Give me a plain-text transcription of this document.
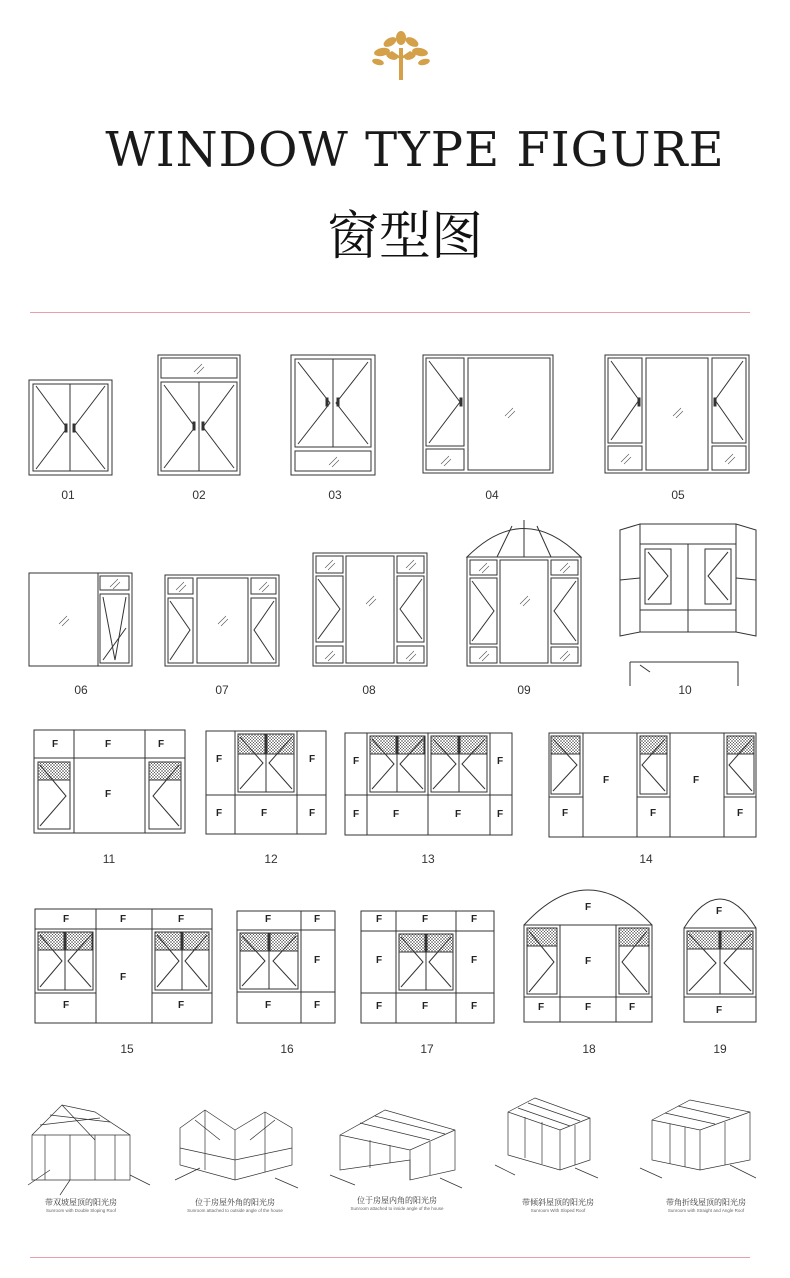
WINDOW TYPE FIGURE
窗型图
F	F	F
F
F	F
F	F	F
F	F
F	F	F	F
F	F
F	F	F
F	F	F
F
F	F
F	F
F
F	F
F	F	F
F	F
F	F	F
F
F
F	F	F
F
F
01	02	03	04	05
06	07	08	09	10
11	12	13	14
15	16	17	18	19
带双坡屋顶的阳光房
Sunroom with Double Sloping Roof
位于房屋外角的阳光房
Sunroom attached to outside angle of the house
位于房屋内角的阳光房
Sunroom attached to inside angle of the house
带倾斜屋顶的阳光房
Sunroom With Sloped Roof
带角折线屋顶的阳光房
Sunroom with Straight and Angle Roof
